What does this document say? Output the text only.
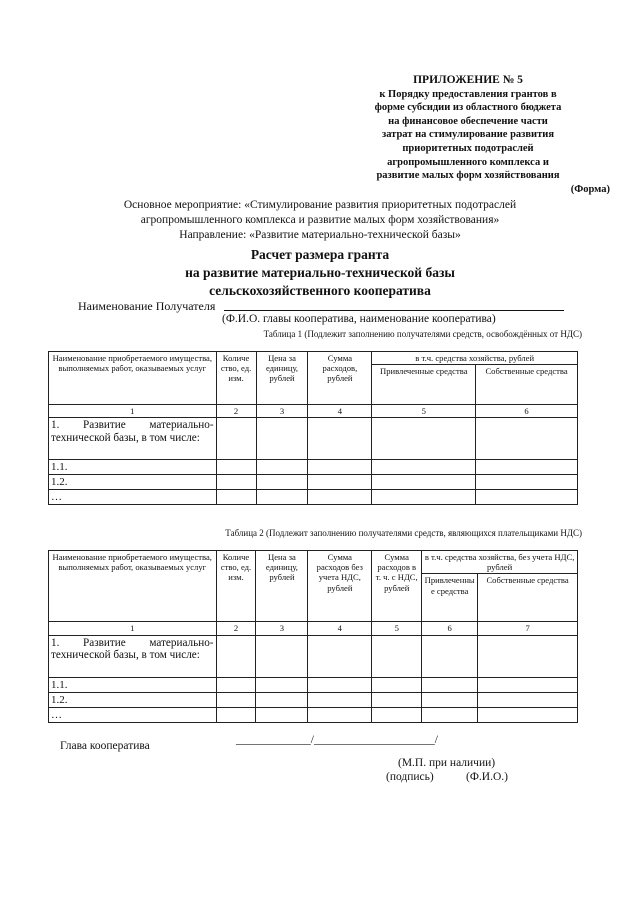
ПРИЛОЖЕНИЕ № 5
к Порядку предоставления грантов в
форме субсидии из областного бюджета
на финансовое обеспечение части
затрат на стимулирование развития
приоритетных подотраслей
агропромышленного комплекса и
развитие малых форм хозяйствования
(Форма)
Основное мероприятие: «Стимулирование развития приоритетных подотраслей
агропромышленного комплекса и развитие малых форм хозяйствования»
Направление: «Развитие материально-технической базы»
Расчет размера гранта
на развитие материально-технической базы
сельскохозяйственного кооператива
Наименование Получателя
(Ф.И.О. главы кооператива, наименование кооператива)
Таблица 1 (Подлежит заполнению получателями средств, освобождённых от НДС)
Наименование приобретаемого имущества, выполняемых работ, оказываемых услуг	Количе ство, ед. изм.	Цена за единицу, рублей	Сумма расходов, рублей	в т.ч. средства хозяйства, рублей	
				Привлеченные средства	Собственные средства
1	2	3	4	5	6
1. Развитие материально-технической базы, в том числе:					
1.1.					
1.2.					
…					
Таблица 2 (Подлежит заполнению получателями средств, являющихся плательщиками НДС)
Наименование приобретаемого имущества, выполняемых работ, оказываемых услуг	Количе ство, ед. изм.	Цена за единицу, рублей	Сумма расходов без учета НДС, рублей	Сумма расходов в т. ч. с НДС, рублей	в т.ч. средства хозяйства, без учета НДС, рублей	
					Привлеченны е средства	Собственные средства
1	2	3	4	5	6	7
1. Развитие материально-технической базы, в том числе:						
1.1.						
1.2.						
…						
Глава кооператива	_____________/_____________________/
(М.П. при наличии)
(подпись)	(Ф.И.О.)
